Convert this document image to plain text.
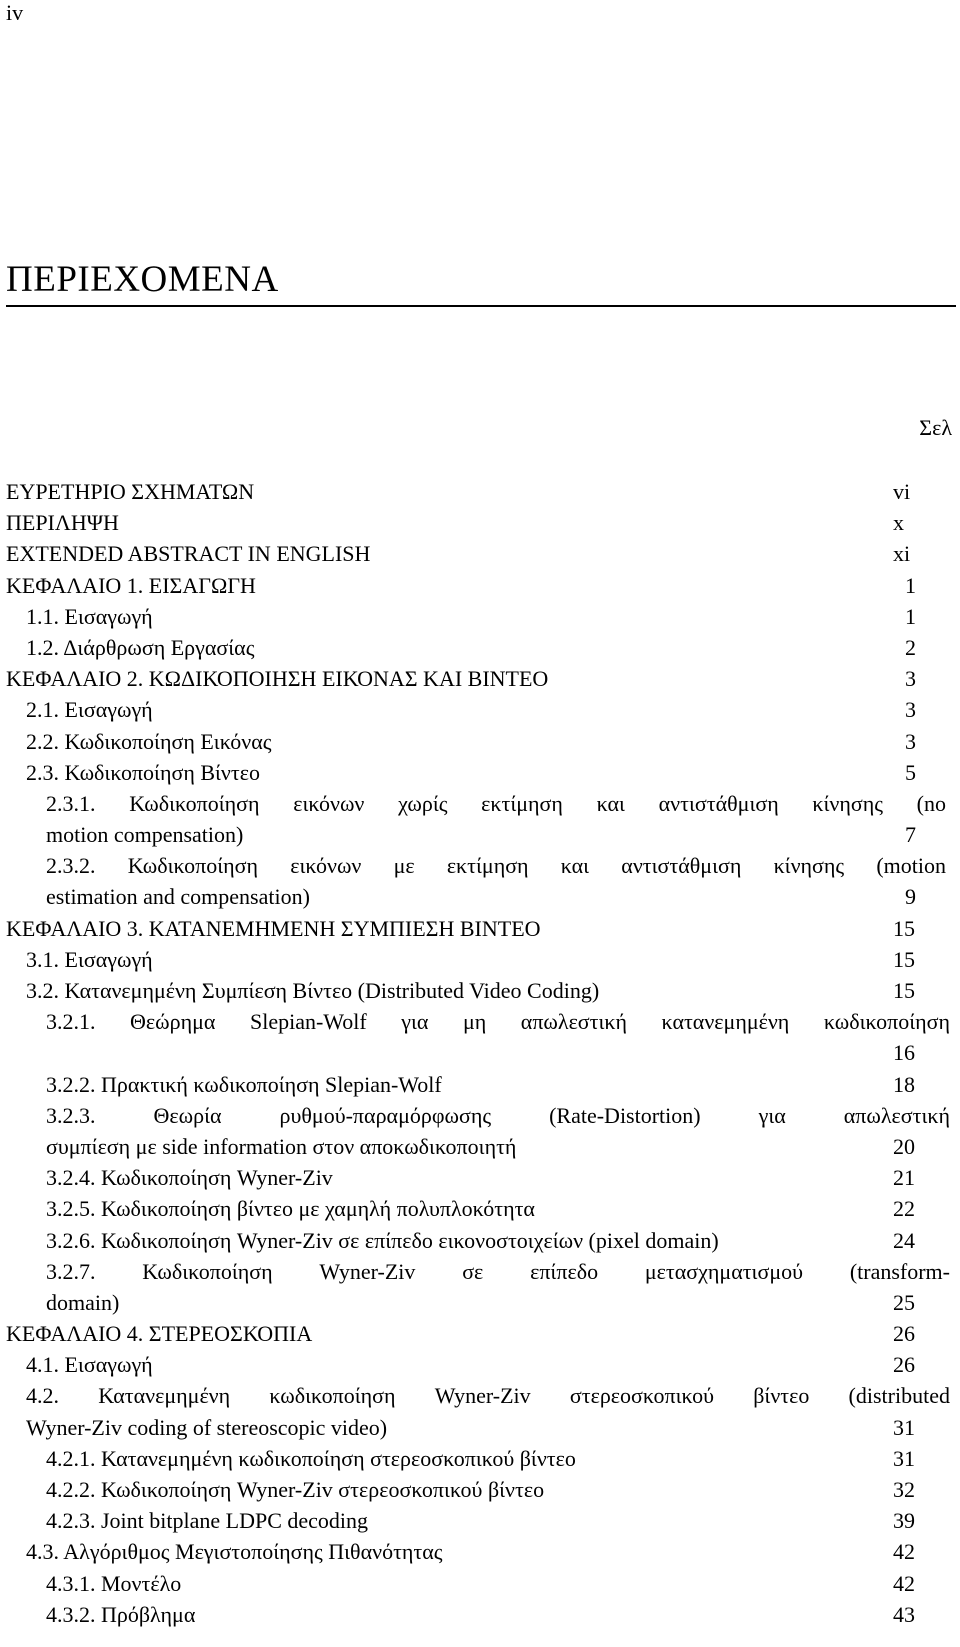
iv
ΠΕΡΙΕΧΟΜΕΝΑ
Σελ
ΕΥΡΕΤΗΡΙΟ ΣΧΗΜΑΤΩΝ	vi
ΠΕΡΙΛΗΨΗ	x
EXTENDED ABSTRACT IN ENGLISH	xi
ΚΕΦΑΛΑΙΟ 1. ΕΙΣΑΓΩΓΗ	1
1.1. Εισαγωγή	1
1.2. Διάρθρωση Εργασίας	2
ΚΕΦΑΛΑΙΟ 2. ΚΩΔΙΚΟΠΟΙΗΣΗ ΕΙΚΟΝΑΣ ΚΑΙ ΒΙΝΤΕΟ	3
2.1. Εισαγωγή	3
2.2. Κωδικοποίηση Εικόνας	3
2.3. Κωδικοποίηση Βίντεο	5
2.3.1. Κωδικοποίηση εικόνων χωρίς εκτίμηση και αντιστάθμιση κίνησης (no
motion compensation)	7
2.3.2. Κωδικοποίηση εικόνων με εκτίμηση και αντιστάθμιση κίνησης (motion
estimation and compensation)	9
ΚΕΦΑΛΑΙΟ 3. ΚΑΤΑΝΕΜΗΜΕΝΗ ΣΥΜΠΙΕΣΗ ΒΙΝΤΕΟ	15
3.1. Εισαγωγή	15
3.2. Κατανεμημένη Συμπίεση Βίντεο (Distributed Video Coding)	15
3.2.1. Θεώρημα Slepian-Wolf για μη απωλεστική κατανεμημένη κωδικοποίηση
16
3.2.2. Πρακτική κωδικοποίηση Slepian-Wolf	18
3.2.3. Θεωρία ρυθμού-παραμόρφωσης (Rate-Distortion) για απωλεστική
συμπίεση με side information στον αποκωδικοποιητή	20
3.2.4. Κωδικοποίηση Wyner-Ziv	21
3.2.5. Κωδικοποίηση βίντεο με χαμηλή πολυπλοκότητα	22
3.2.6. Κωδικοποίηση Wyner-Ziv σε επίπεδο εικονοστοιχείων (pixel domain)	24
3.2.7. Κωδικοποίηση Wyner-Ziv σε επίπεδο μετασχηματισμού (transform-
domain)	25
ΚΕΦΑΛΑΙΟ 4. ΣΤΕΡΕΟΣΚΟΠΙΑ	26
4.1. Εισαγωγή	26
4.2. Κατανεμημένη κωδικοποίηση Wyner-Ziv στερεοσκοπικού βίντεο (distributed
Wyner-Ziv coding of stereoscopic video)	31
4.2.1. Κατανεμημένη κωδικοποίηση στερεοσκοπικού βίντεο	31
4.2.2. Κωδικοποίηση Wyner-Ziv στερεοσκοπικού βίντεο	32
4.2.3. Joint bitplane LDPC decoding	39
4.3. Αλγόριθμος Μεγιστοποίησης Πιθανότητας	42
4.3.1. Μοντέλο	42
4.3.2. Πρόβλημα	43
